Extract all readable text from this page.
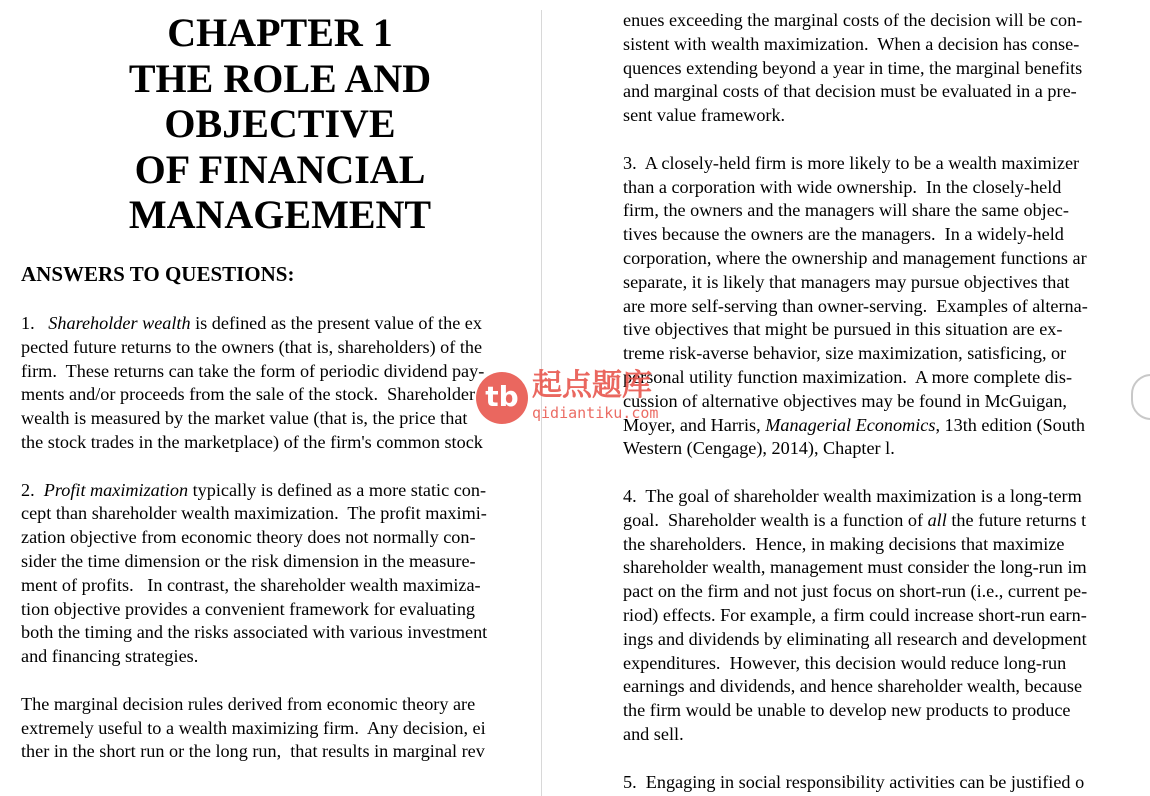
CHAPTER 1
THE ROLE AND
OBJECTIVE
OF FINANCIAL
MANAGEMENT
ANSWERS TO QUESTIONS:

1.   Shareholder wealth is defined as the present value of the ex
pected future returns to the owners (that is, shareholders) of the
firm.  These returns can take the form of periodic dividend pay-
ments and/or proceeds from the sale of the stock.  Shareholder
wealth is measured by the market value (that is, the price that
the stock trades in the marketplace) of the firm's common stock

2.  Profit maximization typically is defined as a more static con-
cept than shareholder wealth maximization.  The profit maximi-
zation objective from economic theory does not normally con-
sider the time dimension or the risk dimension in the measure-
ment of profits.   In contrast, the shareholder wealth maximiza-
tion objective provides a convenient framework for evaluating
both the timing and the risks associated with various investment
and financing strategies.

The marginal decision rules derived from economic theory are
extremely useful to a wealth maximizing firm.  Any decision, ei
ther in the short run or the long run,  that results in marginal rev

enues exceeding the marginal costs of the decision will be con-
sistent with wealth maximization.  When a decision has conse-
quences extending beyond a year in time, the marginal benefits
and marginal costs of that decision must be evaluated in a pre-
sent value framework.

3.  A closely-held firm is more likely to be a wealth maximizer
than a corporation with wide ownership.  In the closely-held
firm, the owners and the managers will share the same objec-
tives because the owners are the managers.  In a widely-held
corporation, where the ownership and management functions ar
separate, it is likely that managers may pursue objectives that
are more self-serving than owner-serving.  Examples of alterna-
tive objectives that might be pursued in this situation are ex-
treme risk-averse behavior, size maximization, satisficing, or
personal utility function maximization.  A more complete dis-
cussion of alternative objectives may be found in McGuigan,
Moyer, and Harris, Managerial Economics, 13th edition (South
Western (Cengage), 2014), Chapter l.

4.  The goal of shareholder wealth maximization is a long-term
goal.  Shareholder wealth is a function of all the future returns t
the shareholders.  Hence, in making decisions that maximize
shareholder wealth, management must consider the long-run im
pact on the firm and not just focus on short-run (i.e., current pe-
riod) effects. For example, a firm could increase short-run earn-
ings and dividends by eliminating all research and development
expenditures.  However, this decision would reduce long-run
earnings and dividends, and hence shareholder wealth, because
the firm would be unable to develop new products to produce
and sell.

5.  Engaging in social responsibility activities can be justified o

tb 起点题库
qidiantiku.com
